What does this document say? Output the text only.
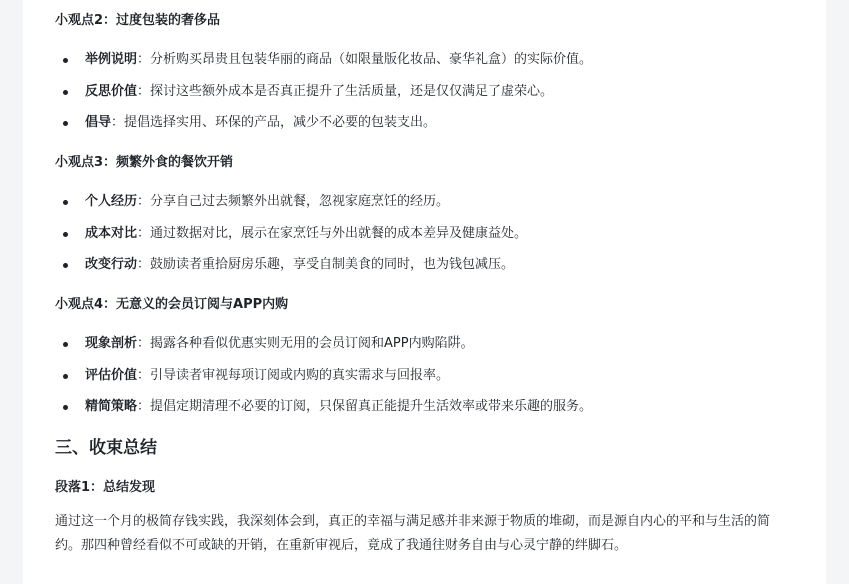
小观点2：过度包装的奢侈品
举例说明：分析购买昂贵且包装华丽的商品（如限量版化妆品、豪华礼盒）的实际价值。
反思价值：探讨这些额外成本是否真正提升了生活质量，还是仅仅满足了虚荣心。
倡导：提倡选择实用、环保的产品，减少不必要的包装支出。
小观点3：频繁外食的餐饮开销
个人经历：分享自己过去频繁外出就餐，忽视家庭烹饪的经历。
成本对比：通过数据对比，展示在家烹饪与外出就餐的成本差异及健康益处。
改变行动：鼓励读者重拾厨房乐趣，享受自制美食的同时，也为钱包减压。
小观点4：无意义的会员订阅与APP内购
现象剖析：揭露各种看似优惠实则无用的会员订阅和APP内购陷阱。
评估价值：引导读者审视每项订阅或内购的真实需求与回报率。
精简策略：提倡定期清理不必要的订阅，只保留真正能提升生活效率或带来乐趣的服务。
三、收束总结
段落1：总结发现
通过这一个月的极简存钱实践，我深刻体会到，真正的幸福与满足感并非来源于物质的堆砌，而是源自内心的平和与生活的简约。那四种曾经看似不可或缺的开销，在重新审视后，竟成了我通往财务自由与心灵宁静的绊脚石。
